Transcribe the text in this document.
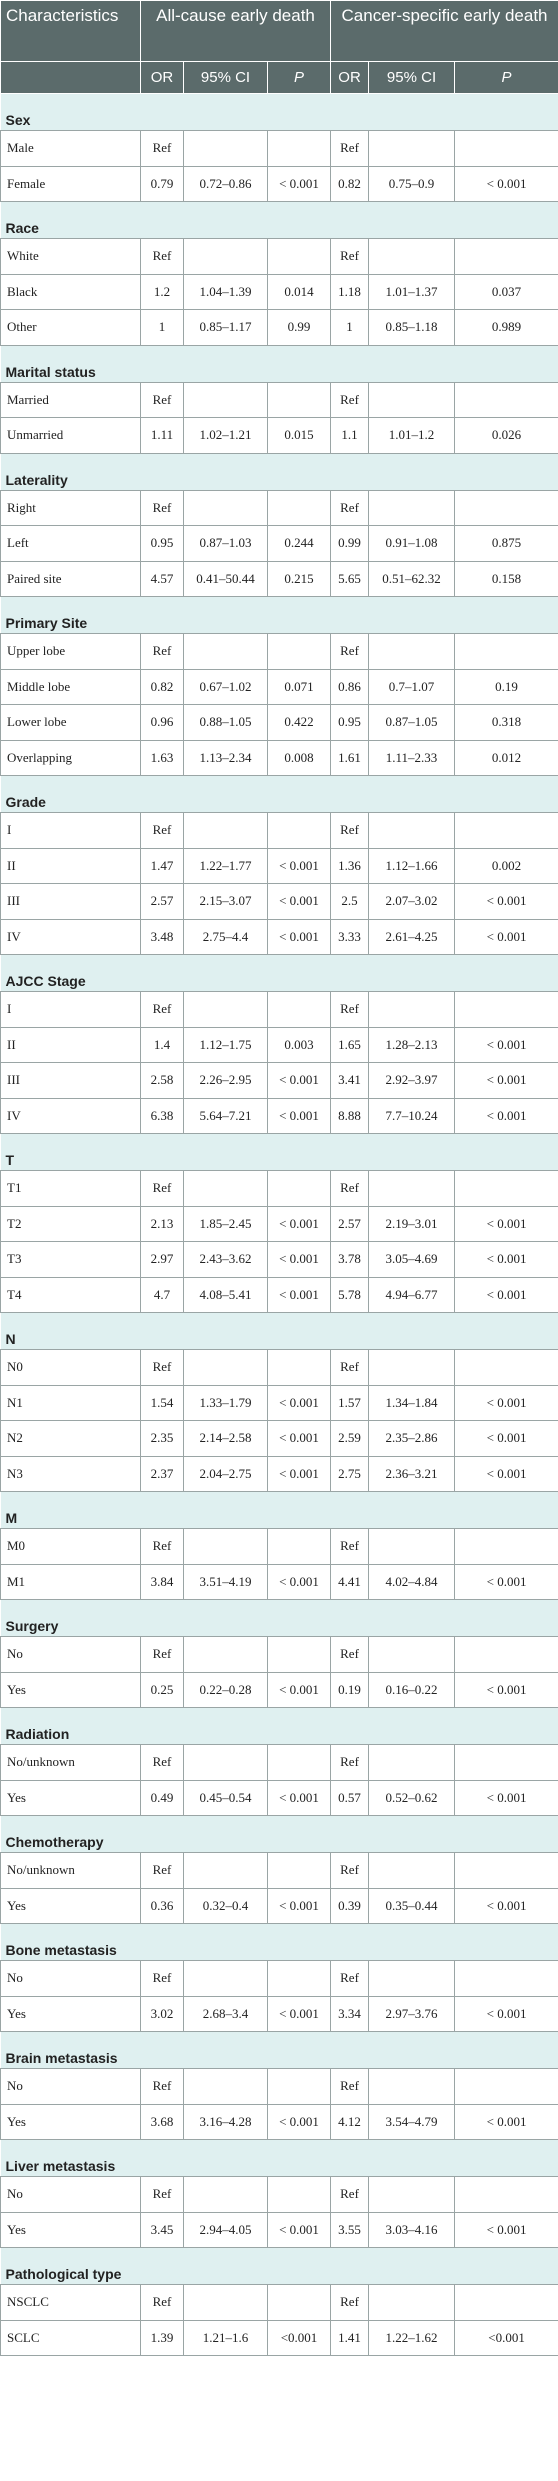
Characteristics	All-cause early death			Cancer-specific early death		
	OR	95% CI	P	OR	95% CI	P
Sex						
Male	Ref			Ref		
Female	0.79	0.72–0.86	< 0.001	0.82	0.75–0.9	< 0.001
Race						
White	Ref			Ref		
Black	1.2	1.04–1.39	0.014	1.18	1.01–1.37	0.037
Other	1	0.85–1.17	0.99	1	0.85–1.18	0.989
Marital status						
Married	Ref			Ref		
Unmarried	1.11	1.02–1.21	0.015	1.1	1.01–1.2	0.026
Laterality						
Right	Ref			Ref		
Left	0.95	0.87–1.03	0.244	0.99	0.91–1.08	0.875
Paired site	4.57	0.41–50.44	0.215	5.65	0.51–62.32	0.158
Primary Site						
Upper lobe	Ref			Ref		
Middle lobe	0.82	0.67–1.02	0.071	0.86	0.7–1.07	0.19
Lower lobe	0.96	0.88–1.05	0.422	0.95	0.87–1.05	0.318
Overlapping	1.63	1.13–2.34	0.008	1.61	1.11–2.33	0.012
Grade						
I	Ref			Ref		
II	1.47	1.22–1.77	< 0.001	1.36	1.12–1.66	0.002
III	2.57	2.15–3.07	< 0.001	2.5	2.07–3.02	< 0.001
IV	3.48	2.75–4.4	< 0.001	3.33	2.61–4.25	< 0.001
AJCC Stage						
I	Ref			Ref		
II	1.4	1.12–1.75	0.003	1.65	1.28–2.13	< 0.001
III	2.58	2.26–2.95	< 0.001	3.41	2.92–3.97	< 0.001
IV	6.38	5.64–7.21	< 0.001	8.88	7.7–10.24	< 0.001
T						
T1	Ref			Ref		
T2	2.13	1.85–2.45	< 0.001	2.57	2.19–3.01	< 0.001
T3	2.97	2.43–3.62	< 0.001	3.78	3.05–4.69	< 0.001
T4	4.7	4.08–5.41	< 0.001	5.78	4.94–6.77	< 0.001
N						
N0	Ref			Ref		
N1	1.54	1.33–1.79	< 0.001	1.57	1.34–1.84	< 0.001
N2	2.35	2.14–2.58	< 0.001	2.59	2.35–2.86	< 0.001
N3	2.37	2.04–2.75	< 0.001	2.75	2.36–3.21	< 0.001
M						
M0	Ref			Ref		
M1	3.84	3.51–4.19	< 0.001	4.41	4.02–4.84	< 0.001
Surgery						
No	Ref			Ref		
Yes	0.25	0.22–0.28	< 0.001	0.19	0.16–0.22	< 0.001
Radiation						
No/unknown	Ref			Ref		
Yes	0.49	0.45–0.54	< 0.001	0.57	0.52–0.62	< 0.001
Chemotherapy						
No/unknown	Ref			Ref		
Yes	0.36	0.32–0.4	< 0.001	0.39	0.35–0.44	< 0.001
Bone metastasis						
No	Ref			Ref		
Yes	3.02	2.68–3.4	< 0.001	3.34	2.97–3.76	< 0.001
Brain metastasis						
No	Ref			Ref		
Yes	3.68	3.16–4.28	< 0.001	4.12	3.54–4.79	< 0.001
Liver metastasis						
No	Ref			Ref		
Yes	3.45	2.94–4.05	< 0.001	3.55	3.03–4.16	< 0.001
Pathological type						
NSCLC	Ref			Ref		
SCLC	1.39	1.21–1.6	<0.001	1.41	1.22–1.62	<0.001
